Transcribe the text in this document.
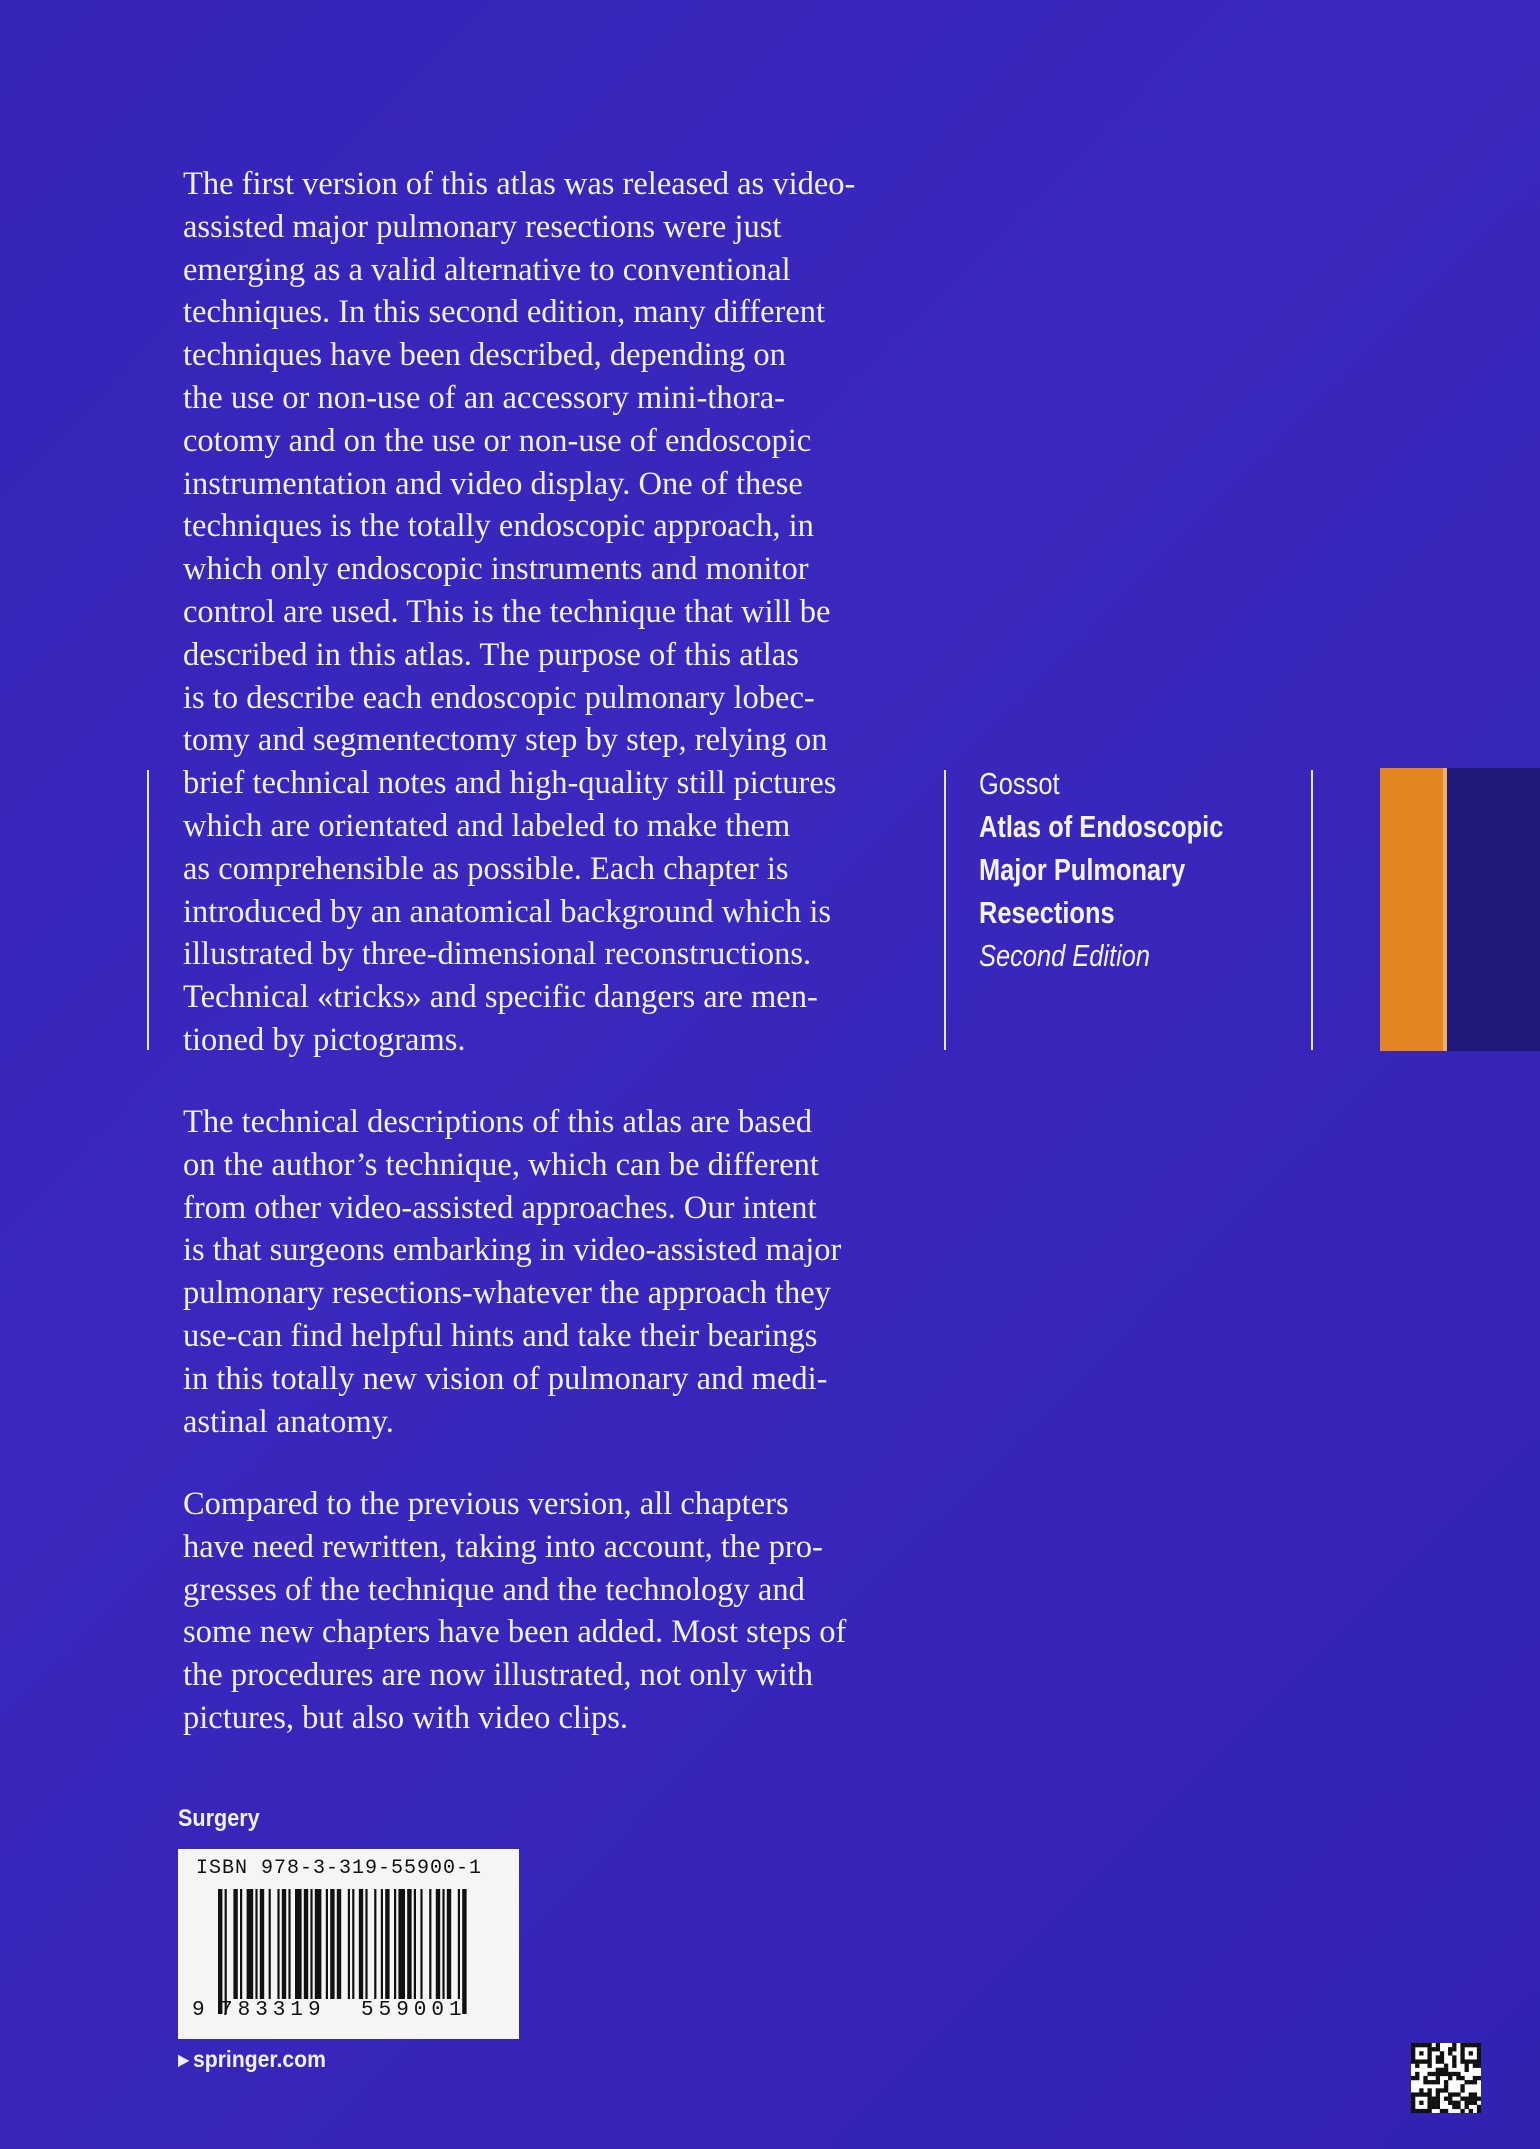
The first version of this atlas was released as video-
assisted major pulmonary resections were just
emerging as a valid alternative to conventional
techniques. In this second edition, many different
techniques have been described, depending on
the use or non-use of an accessory mini-thora-
cotomy and on the use or non-use of endoscopic
instrumentation and video display. One of these
techniques is the totally endoscopic approach, in
which only endoscopic instruments and monitor
control are used. This is the technique that will be
described in this atlas. The purpose of this atlas
is to describe each endoscopic pulmonary lobec-
tomy and segmentectomy step by step, relying on
brief technical notes and high-quality still pictures
which are orientated and labeled to make them
as comprehensible as possible. Each chapter is
introduced by an anatomical background which is
illustrated by three-dimensional reconstructions.
Technical «tricks» and specific dangers are men-
tioned by pictograms.

The technical descriptions of this atlas are based
on the author’s technique, which can be different
from other video-assisted approaches. Our intent
is that surgeons embarking in video-assisted major
pulmonary resections-whatever the approach they
use-can find helpful hints and take their bearings
in this totally new vision of pulmonary and medi-
astinal anatomy.

Compared to the previous version, all chapters
have need rewritten, taking into account, the pro-
gresses of the technique and the technology and
some new chapters have been added. Most steps of
the procedures are now illustrated, not only with
pictures, but also with video clips.

Gossot
Atlas of Endoscopic
Major Pulmonary
Resections
Second Edition
Surgery
ISBN 978-3-319-55900-1
9 783319 559001
▶ springer.com
